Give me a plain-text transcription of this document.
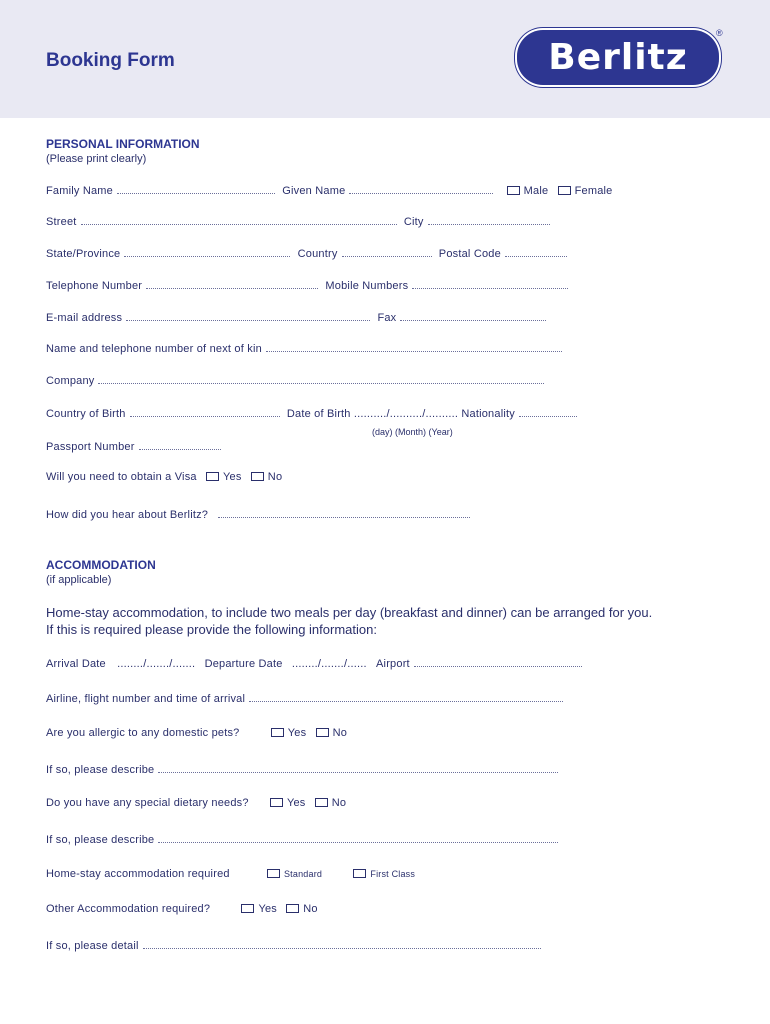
Booking Form	Berlitz
®
PERSONAL INFORMATION
(Please print clearly)
Family Name	Given Name	Male Female
Street	City
State/Province	Country	Postal Code
Telephone Number	Mobile Numbers
E-mail address	Fax
Name and telephone number of next of kin
Company
Country of Birth	Date of Birth ........../........../.......... Nationality
(day) (Month) (Year)
Passport Number
Will you need to obtain a Visa Yes No
How did you hear about Berlitz?
ACCOMMODATION
(if applicable)
Home-stay accommodation, to include two meals per day (breakfast and dinner) can be arranged for you.
If this is required please provide the following information:
Arrival Date ......../......./....... Departure Date ......../......./...... Airport
Airline, flight number and time of arrival
Are you allergic to any domestic pets?	Yes No
If so, please describe
Do you have any special dietary needs?	Yes No
If so, please describe
Home-stay accommodation required	Standard	First Class
Other Accommodation required?	Yes No
If so, please detail
